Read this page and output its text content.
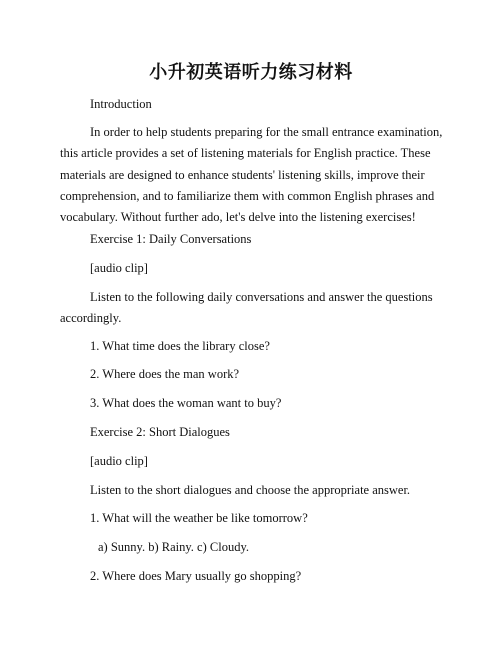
小升初英语听力练习材料

Introduction

In order to help students preparing for the small entrance examination, this article provides a set of listening materials for English practice. These materials are designed to enhance students' listening skills, improve their comprehension, and to familiarize them with common English phrases and vocabulary. Without further ado, let's delve into the listening exercises!

Exercise 1: Daily Conversations

[audio clip]

Listen to the following daily conversations and answer the questions accordingly.

1. What time does the library close?

2. Where does the man work?

3. What does the woman want to buy?

Exercise 2: Short Dialogues

[audio clip]

Listen to the short dialogues and choose the appropriate answer.

1. What will the weather be like tomorrow?

a) Sunny. b) Rainy. c) Cloudy.

2. Where does Mary usually go shopping?
